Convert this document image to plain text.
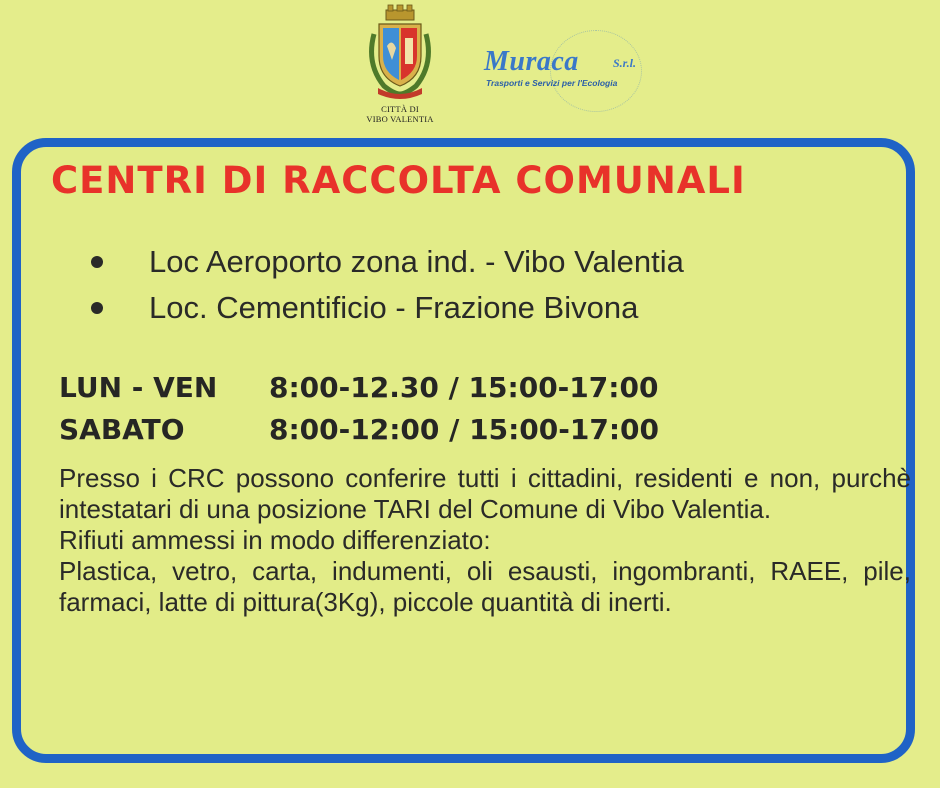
CITTÀ DI
VIBO VALENTIA
Muraca	S.r.l.
Trasporti e Servizi per l'Ecologia
CENTRI DI RACCOLTA COMUNALI
Loc Aeroporto zona ind. - Vibo Valentia
Loc. Cementificio - Frazione Bivona
LUN - VEN 8:00-12.30 / 15:00-17:00
SABATO	8:00-12:00 / 15:00-17:00

Presso i CRC possono conferire tutti i cittadini, residenti e non, purchè intestatari di una posizione TARI del Comune di Vibo Valentia.

Rifiuti ammessi in modo differenziato:

Plastica, vetro, carta, indumenti, oli esausti, ingombranti, RAEE, pile, farmaci, latte di pittura(3Kg), piccole quantità di inerti.
